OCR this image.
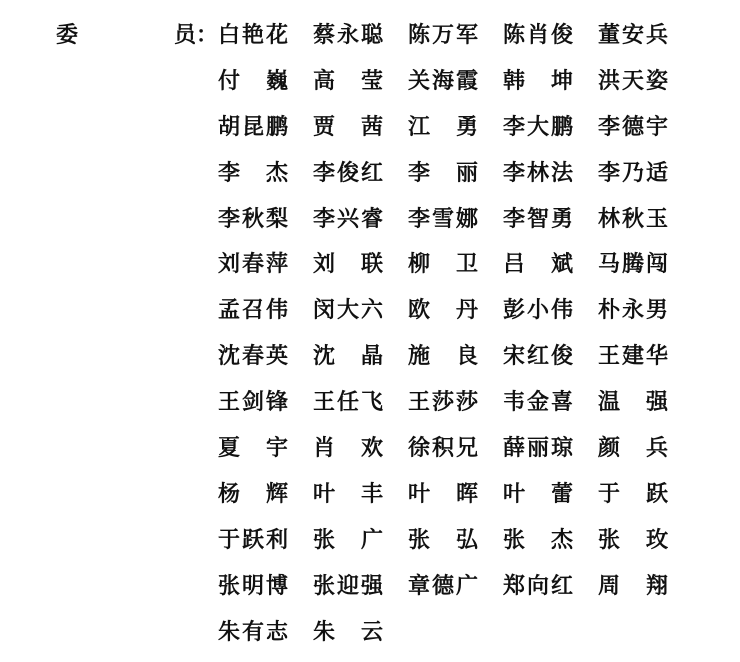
委	员： 白 艳 花 蔡 永 聪 陈 万 军 陈 肖 俊 董 安 兵
付 巍 高 莹 关 海 霞 韩 坤 洪 天 姿
胡 昆 鹏 贾 茜 江 勇 李 大 鹏 李 德 宇
李 杰 李 俊 红 李 丽 李 林 法 李 乃 适
李 秋 梨 李 兴 睿 李 雪 娜 李 智 勇 林 秋 玉
刘 春 萍 刘 联 柳 卫 吕 斌 马 腾 闯
孟 召 伟 闵 大 六 欧 丹 彭 小 伟 朴 永 男
沈 春 英 沈 晶 施 良 宋 红 俊 王 建 华
王 剑 锋 王 任 飞 王 莎 莎 韦 金 喜 温 强
夏 宇 肖 欢 徐 积 兄 薛 丽 琼 颜 兵
杨 辉 叶 丰 叶 晖 叶 蕾 于 跃
于 跃 利 张 广 张 弘 张 杰 张 玫
张 明 博 张 迎 强 章 德 广 郑 向 红 周 翔
朱 有 志 朱 云
